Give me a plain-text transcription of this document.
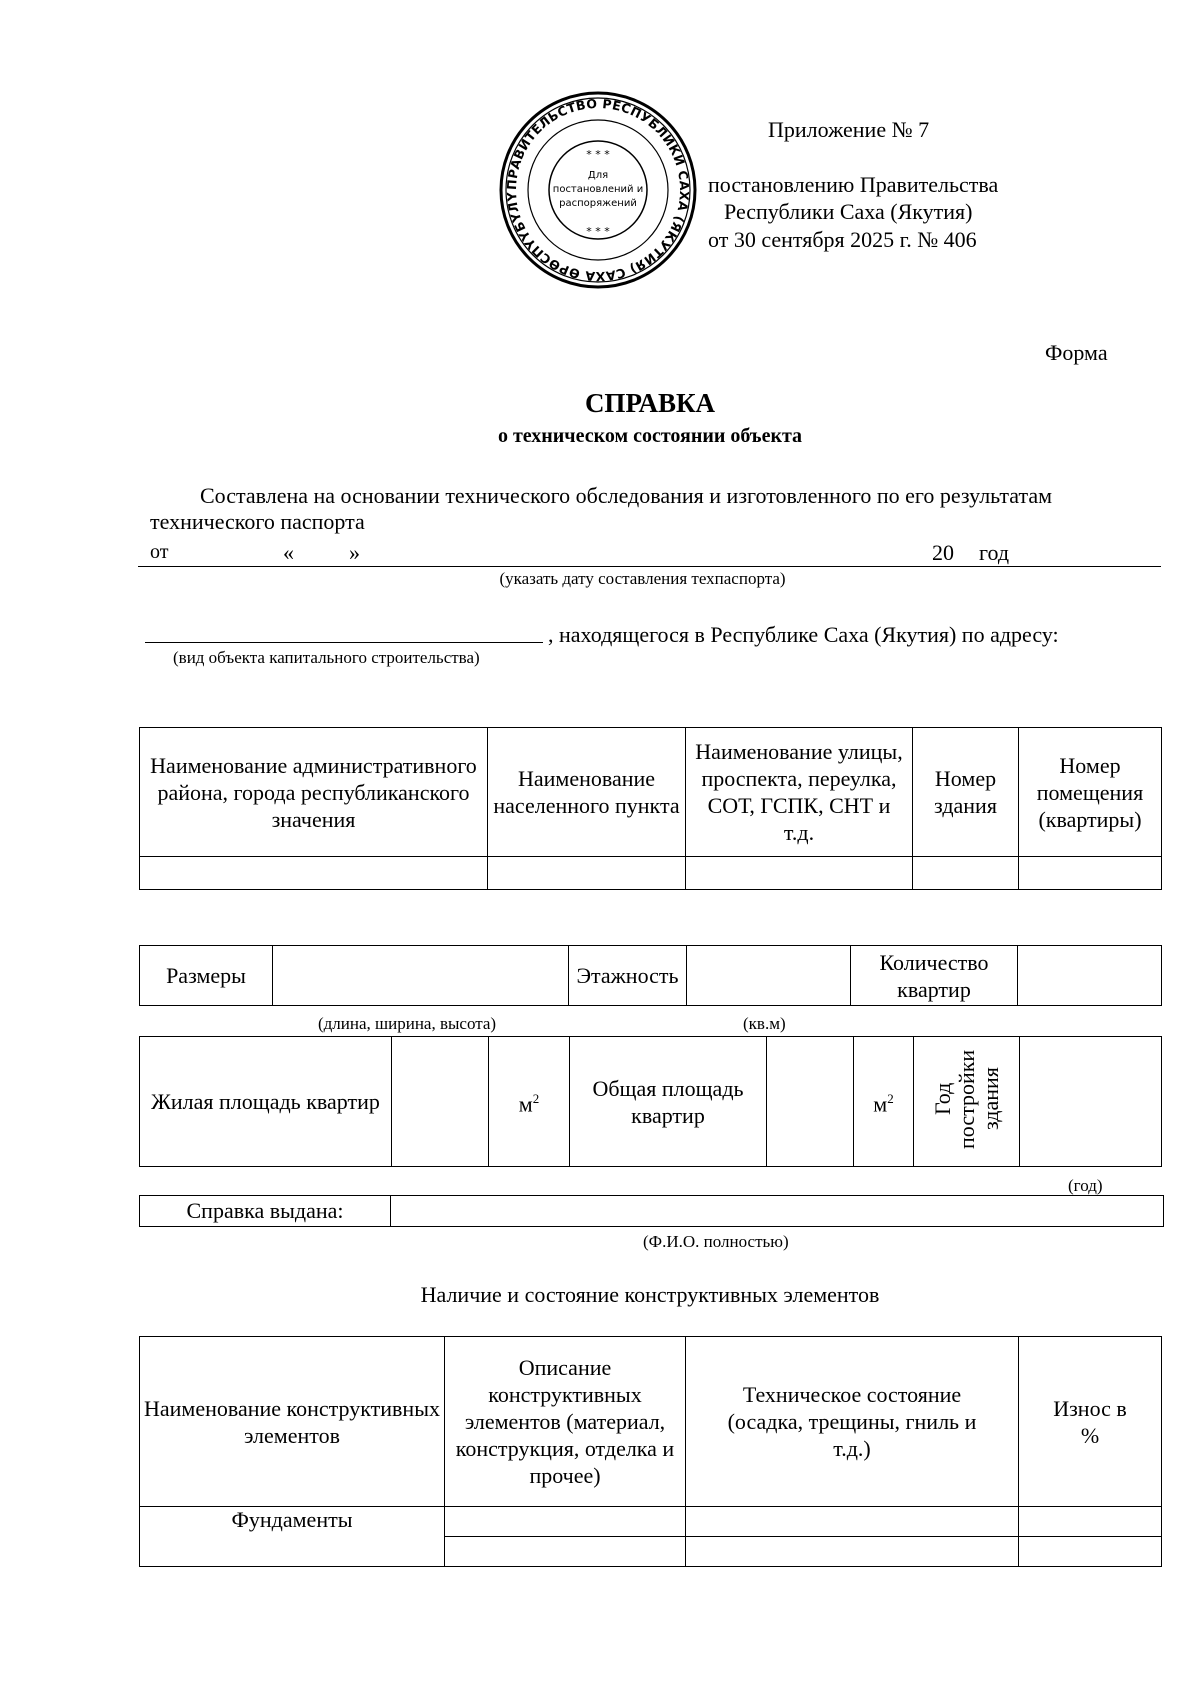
ПРАВИТЕЛЬСТВО РЕСПУБЛИКИ САХА (ЯКУТИЯ) САХА ӨРӨСПҮҮБҮЛҮ
* * *
* * *
Для
постановлений и
распоряжений
Приложение № 7
постановлению Правительства
Республики Саха (Якутия)
от 30 сентября 2025 г. № 406
Форма
СПРАВКА
о техническом состоянии объекта
Составлена на основании технического обследования и изготовленного по его результатам
технического паспорта
от	«	»	20 год
(указать дату составления техпаспорта)
, находящегося в Республике Саха (Якутия) по адресу:
(вид объекта капитального строительства)
Наименование административного района, города республиканского значения	Наименование населенного пункта	Наименование улицы, проспекта, переулка, СОТ, ГСПК, СНТ и т.д.	Номер здания	Номер помещения (квартиры)

Размеры		Этажность		Количество квартир	
(длина, ширина, высота)	(кв.м)
Жилая площадь квартир		$м^2$	Общая площадь квартир		$м^2$	Год постройки здания	
(год)
Справка выдана:	
(Ф.И.О. полностью)
Наличие и состояние конструктивных элементов
Наименование конструктивных элементов	Описание конструктивных элементов (материал, конструкция, отделка и прочее)	Техническое состояние (осадка, трещины, гниль и т.д.)	Износ в %
Фундаменты			
